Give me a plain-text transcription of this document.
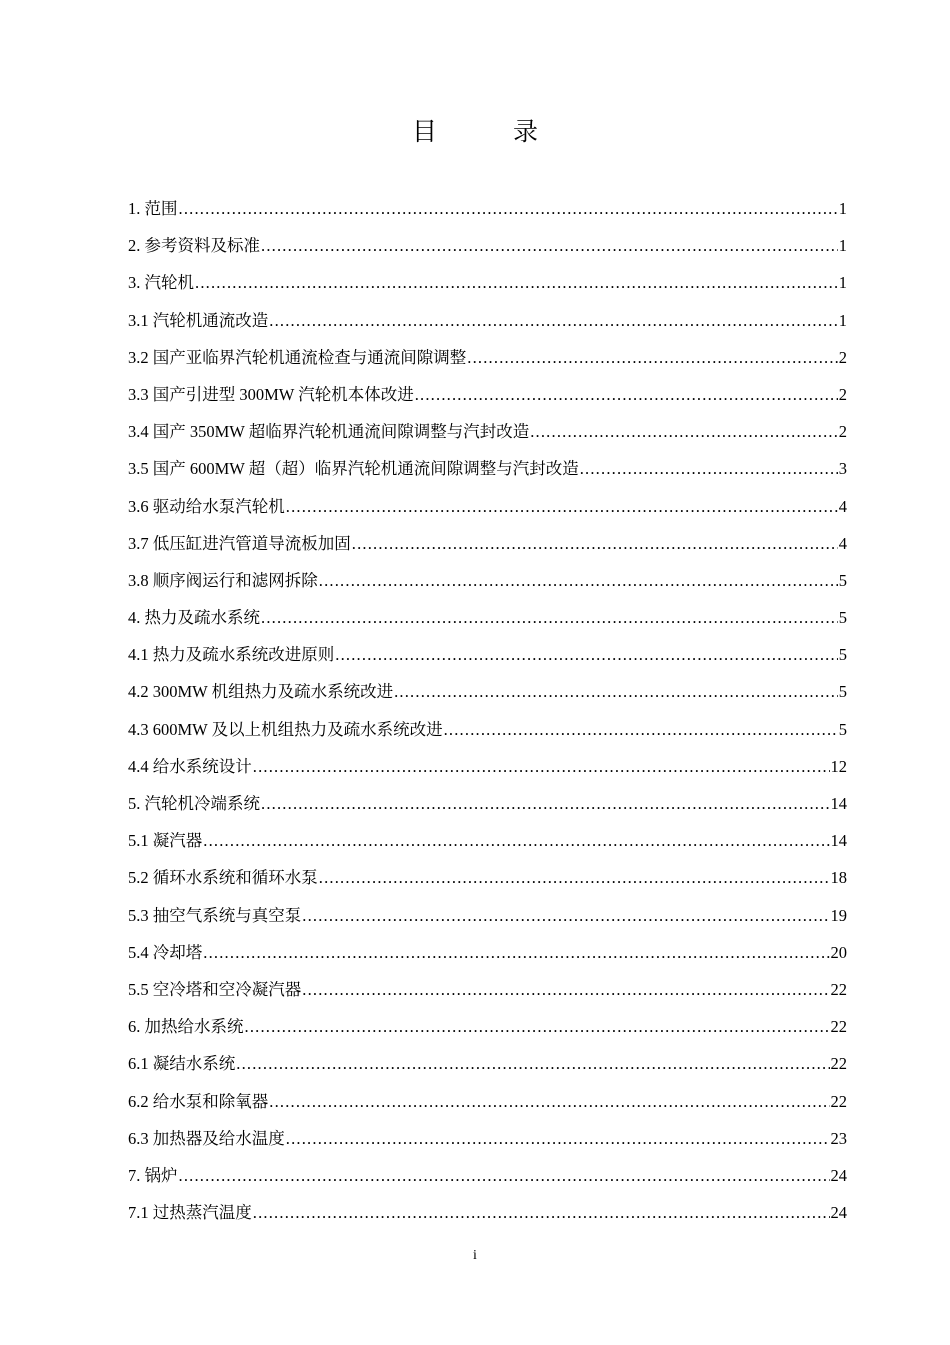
目 录
1. 范围 .....	1
2. 参考资料及标准 .....	1
3. 汽轮机 .....	1
3.1 汽轮机通流改造 .....	1
3.2 国产亚临界汽轮机通流检查与通流间隙调整 .....	2
3.3 国产引进型 300MW 汽轮机本体改进 .....	2
3.4 国产 350MW 超临界汽轮机通流间隙调整与汽封改造 .....	2
3.5 国产 600MW 超（超）临界汽轮机通流间隙调整与汽封改造 .....	3
3.6 驱动给水泵汽轮机 .....	4
3.7 低压缸进汽管道导流板加固 .....	4
3.8 顺序阀运行和滤网拆除 .....	5
4. 热力及疏水系统 .....	5
4.1 热力及疏水系统改进原则 .....	5
4.2 300MW 机组热力及疏水系统改进 .....	5
4.3 600MW 及以上机组热力及疏水系统改进 .....	5
4.4 给水系统设计 .....	12
5. 汽轮机冷端系统 .....	14
5.1 凝汽器 .....	14
5.2 循环水系统和循环水泵 .....	18
5.3 抽空气系统与真空泵 .....	19
5.4 冷却塔 .....	20
5.5 空冷塔和空冷凝汽器 .....	22
6. 加热给水系统 .....	22
6.1 凝结水系统 .....	22
6.2 给水泵和除氧器 .....	22
6.3 加热器及给水温度 .....	23
7. 锅炉 .....	24
7.1 过热蒸汽温度 .....	24
i
